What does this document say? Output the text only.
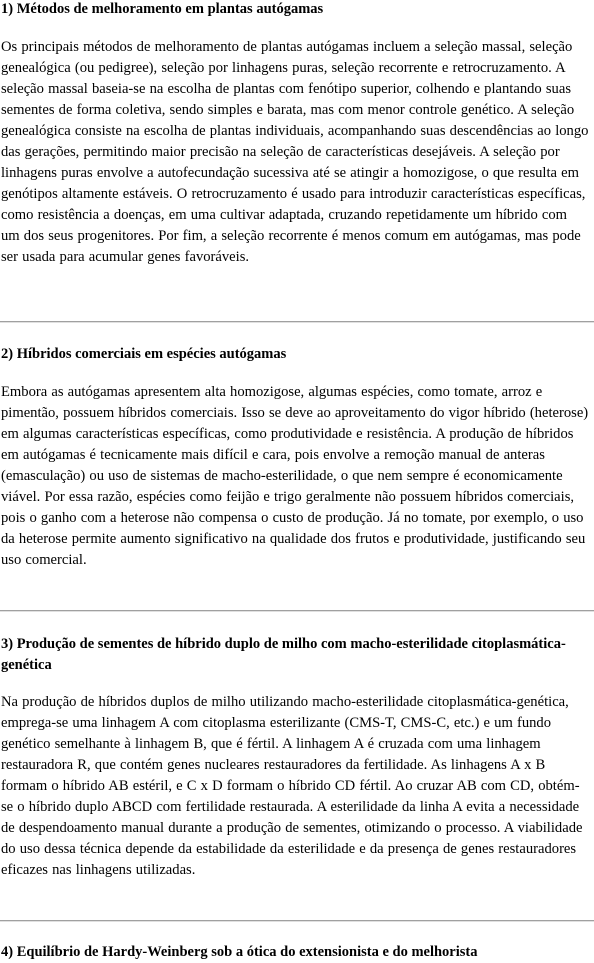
1) Métodos de melhoramento em plantas autógamas

Os principais métodos de melhoramento de plantas autógamas incluem a seleção massal, seleção genealógica (ou pedigree), seleção por linhagens puras, seleção recorrente e retrocruzamento. A seleção massal baseia-se na escolha de plantas com fenótipo superior, colhendo e plantando suas sementes de forma coletiva, sendo simples e barata, mas com menor controle genético. A seleção genealógica consiste na escolha de plantas individuais, acompanhando suas descendências ao longo das gerações, permitindo maior precisão na seleção de características desejáveis. A seleção por linhagens puras envolve a autofecundação sucessiva até se atingir a homozigose, o que resulta em genótipos altamente estáveis. O retrocruzamento é usado para introduzir características específicas, como resistência a doenças, em uma cultivar adaptada, cruzando repetidamente um híbrido com um dos seus progenitores. Por fim, a seleção recorrente é menos comum em autógamas, mas pode ser usada para acumular genes favoráveis.

2) Híbridos comerciais em espécies autógamas

Embora as autógamas apresentem alta homozigose, algumas espécies, como tomate, arroz e pimentão, possuem híbridos comerciais. Isso se deve ao aproveitamento do vigor híbrido (heterose) em algumas características específicas, como produtividade e resistência. A produção de híbridos em autógamas é tecnicamente mais difícil e cara, pois envolve a remoção manual de anteras (emasculação) ou uso de sistemas de macho-esterilidade, o que nem sempre é economicamente viável. Por essa razão, espécies como feijão e trigo geralmente não possuem híbridos comerciais, pois o ganho com a heterose não compensa o custo de produção. Já no tomate, por exemplo, o uso da heterose permite aumento significativo na qualidade dos frutos e produtividade, justificando seu uso comercial.

3) Produção de sementes de híbrido duplo de milho com macho-esterilidade citoplasmática-genética

Na produção de híbridos duplos de milho utilizando macho-esterilidade citoplasmática-genética, emprega-se uma linhagem A com citoplasma esterilizante (CMS-T, CMS-C, etc.) e um fundo genético semelhante à linhagem B, que é fértil. A linhagem A é cruzada com uma linhagem restauradora R, que contém genes nucleares restauradores da fertilidade. As linhagens A x B formam o híbrido AB estéril, e C x D formam o híbrido CD fértil. Ao cruzar AB com CD, obtém-se o híbrido duplo ABCD com fertilidade restaurada. A esterilidade da linha A evita a necessidade de despendoamento manual durante a produção de sementes, otimizando o processo. A viabilidade do uso dessa técnica depende da estabilidade da esterilidade e da presença de genes restauradores eficazes nas linhagens utilizadas.

4) Equilíbrio de Hardy-Weinberg sob a ótica do extensionista e do melhorista
